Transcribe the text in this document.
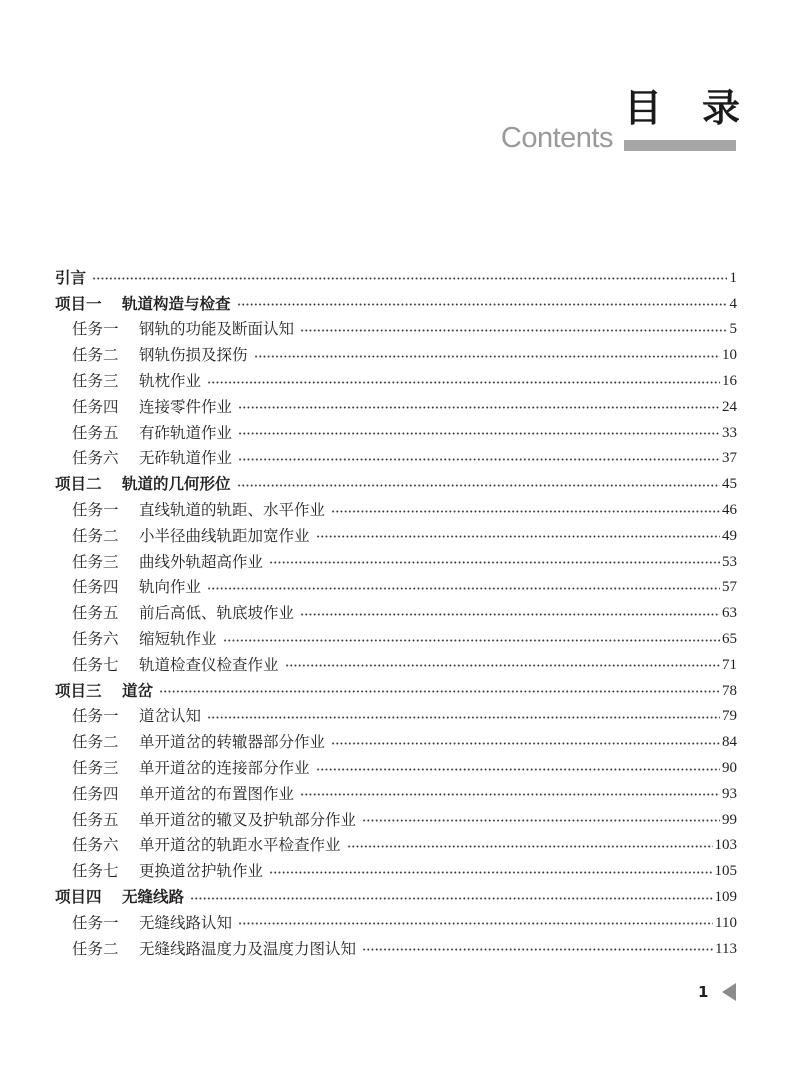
目录
Contents
引言	1
项目一	轨道构造与检查	4
任务一	钢轨的功能及断面认知	5
任务二	钢轨伤损及探伤	10
任务三	轨枕作业	16
任务四	连接零件作业	24
任务五	有砟轨道作业	33
任务六	无砟轨道作业	37
项目二	轨道的几何形位	45
任务一	直线轨道的轨距、水平作业	46
任务二	小半径曲线轨距加宽作业	49
任务三	曲线外轨超高作业	53
任务四	轨向作业	57
任务五	前后高低、轨底坡作业	63
任务六	缩短轨作业	65
任务七	轨道检查仪检查作业	71
项目三	道岔	78
任务一	道岔认知	79
任务二	单开道岔的转辙器部分作业	84
任务三	单开道岔的连接部分作业	90
任务四	单开道岔的布置图作业	93
任务五	单开道岔的辙叉及护轨部分作业	99
任务六	单开道岔的轨距水平检查作业	103
任务七	更换道岔护轨作业	105
项目四	无缝线路	109
任务一	无缝线路认知	110
任务二	无缝线路温度力及温度力图认知	113
1
